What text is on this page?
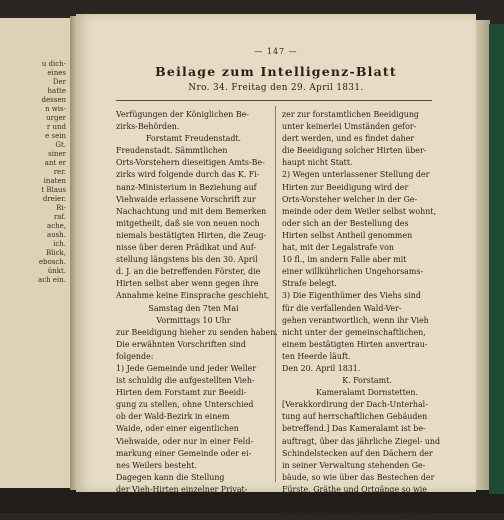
u dich-
eines
Der
hatte
dessen
n wis-
urger
r und
e sein
Gt.
siner
ant er
rer.
inaten
t Blaus
dreier.
Ri-
raf.
ache,
aush.
ich.
Blick,
ebosch.
ünkt.
ach ein.
— 147 —
Beilage zum Intelligenz-Blatt
Nro. 34. Freitag den 29. April 1831.
Verfügungen der Königlichen Be-
zirks-Behörden.
Forstamt Freudenstadt.
Freudenstadt. Sämmtlichen
Orts-Vorstehern dieseitigen Amts-Be-
zirks wird folgende durch das K. Fi-
nanz-Ministerium in Beziehung auf
Viehwaide erlassene Vorschrift zur
Nachachtung und mit dem Bemerken
mitgetheilt, daß sie von neuen noch
niemals bestätigten Hirten, die Zeug-
nisse über deren Prädikat und Auf-
stellung längstens bis den 30. April
d. J. an die betreffenden Förster, die
Hirten selbst aber wenn gegen ihre
Annahme keine Einsprache geschieht,
Samstag den 7ten Mai
Vormittags 10 Uhr
zur Beeidigung hieher zu senden haben.
Die erwähnten Vorschriften sind
folgende:
1) Jede Gemeinde und jeder Weller
ist schuldig die aufgestellten Vieh-
Hirten dem Forstamt zur Beeidi-
gung zu stellen, ohne Unterschied
ob der Wald-Bezirk in einem
Waide, oder einer eigentlichen
Viehwaide, oder nur in einer Feld-
markung einer Gemeinde oder ei-
nes Weilers besteht.
Dagegen kann die Stellung
der Vieh-Hirten einzelner Privat-
Personen, Guts- oder Hof-Besit-
zer zur forstamtlichen Beeidigung
unter keinerlei Umständen gefor-
dert werden, und es findet daher
die Beeidigung solcher Hirten über-
haupt nicht Statt.
2) Wegen unterlassener Stellung der
Hirten zur Beeidigung wird der
Orts-Vorsteher welcher in der Ge-
meinde oder dem Weiler selbst wohnt,
oder sich an der Bestellung des
Hirten selbst Antheil genommen
hat, mit der Legalstrafe von
10 fl., im andern Falle aber mit
einer willkührlichen Ungehorsams-
Strafe belegt.
3) Die Eigenthümer des Viehs sind
für die verfallenden Wald-Ver-
gehen verantwortlich, wenn ihr Vieh
nicht unter der gemeinschaftlichen,
einem bestätigten Hirten anvertrau-
ten Heerde läuft.
Den 20. April 1831.
K. Forstamt.
Kameralamt Dornstetten.
[Verakkordirung der Dach-Unterhal-
tung auf herrschaftlichen Gebäuden
betreffend.] Das Kameralamt ist be-
auftragt, über das jährliche Ziegel- und
Schindelstecken auf den Dächern der
in seiner Verwaltung stehenden Ge-
bäude, so wie über das Bestechen der
Fürste, Gräthe und Ortgänge so wie
der Dachläden mit Einschluß der Ma-
terialien Akkorde auf mehrere Jahre
